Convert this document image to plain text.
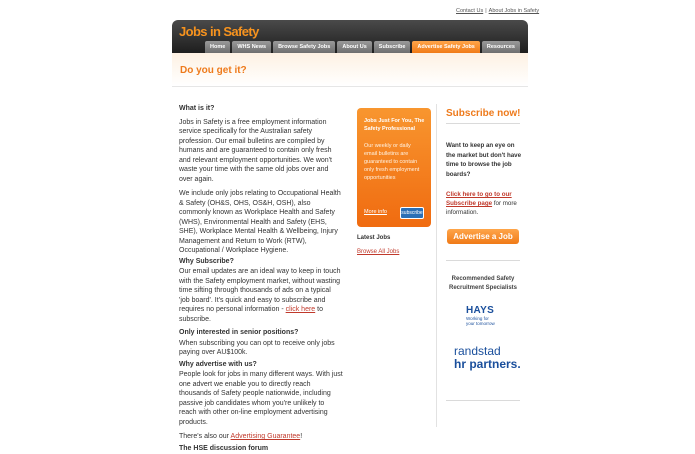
Contact Us | About Jobs in Safety
Jobs in Safety
Home	WHS News	Browse Safety Jobs	About Us	Subscribe	Advertise Safety Jobs	Resources
Do you get it?
What is it?

Jobs in Safety is a free employment information service specifically for the Australian safety profession. Our email bulletins are compiled by humans and are guaranteed to contain only fresh and relevant employment opportunities. We won't waste your time with the same old jobs over and over again.

We include only jobs relating to Occupational Health & Safety (OH&S, OHS, OS&H, OSH), also commonly known as Workplace Health and Safety (WHS), Environmental Health and Safety (EHS, SHE), Workplace Mental Health & Wellbeing, Injury Management and Return to Work (RTW), Occupational / Workplace Hygiene.

Why Subscribe?

Our email updates are an ideal way to keep in touch with the Safety employment market, without wasting time sifting through thousands of ads on a typical 'job board'. It's quick and easy to subscribe and requires no personal information - click here to subscribe.

Only interested in senior positions?

When subscribing you can opt to receive only jobs paying over AU$100k.

Why advertise with us?

People look for jobs in many different ways. With just one advert we enable you to directly reach thousands of Safety people nationwide, including passive job candidates whom you're unlikely to reach with other on-line employment advertising products.

There's also our Advertising Guarantee!

The HSE discussion forum
Jobs Just For You, The Safety Professional
Our weekly or daily email bulletins are guaranteed to contain only fresh employment opportunities
More info	subscribe
Latest Jobs
Browse All Jobs
Subscribe now!
Want to keep an eye on the market but don't have time to browse the job boards?
Click here to go to our Subscribe page for more information.
Advertise a Job
Recommended Safety Recruitment Specialists
HAYS
Working for
your tomorrow
randstad
hr partners.
